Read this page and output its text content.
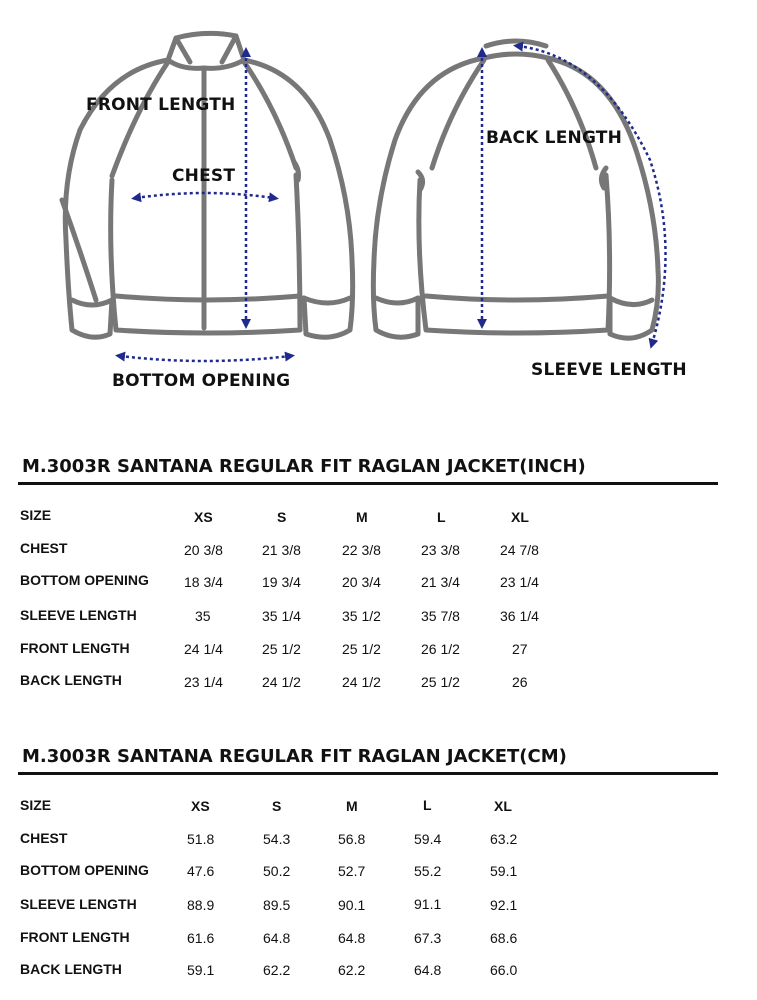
FRONT LENGTH
CHEST
BOTTOM OPENING
BACK LENGTH
SLEEVE LENGTH
M.3003R SANTANA REGULAR FIT RAGLAN JACKET(INCH)
SIZE	XS	S	M	L	XL
CHEST	20 3/8	21 3/8	22 3/8	23 3/8	24 7/8
BOTTOM OPENING	18 3/4	19 3/4	20 3/4	21 3/4	23 1/4
SLEEVE LENGTH	35	35 1/4	35 1/2	35 7/8	36 1/4
FRONT LENGTH	24 1/4	25 1/2	25 1/2	26 1/2	27
BACK LENGTH	23 1/4	24 1/2	24 1/2	25 1/2	26
M.3003R SANTANA REGULAR FIT RAGLAN JACKET(CM)
SIZE	XS	S	M	L	XL
CHEST	51.8	54.3	56.8	59.4	63.2
BOTTOM OPENING	47.6	50.2	52.7	55.2	59.1
SLEEVE LENGTH	88.9	89.5	90.1	91.1	92.1
FRONT LENGTH	61.6	64.8	64.8	67.3	68.6
BACK LENGTH	59.1	62.2	62.2	64.8	66.0
